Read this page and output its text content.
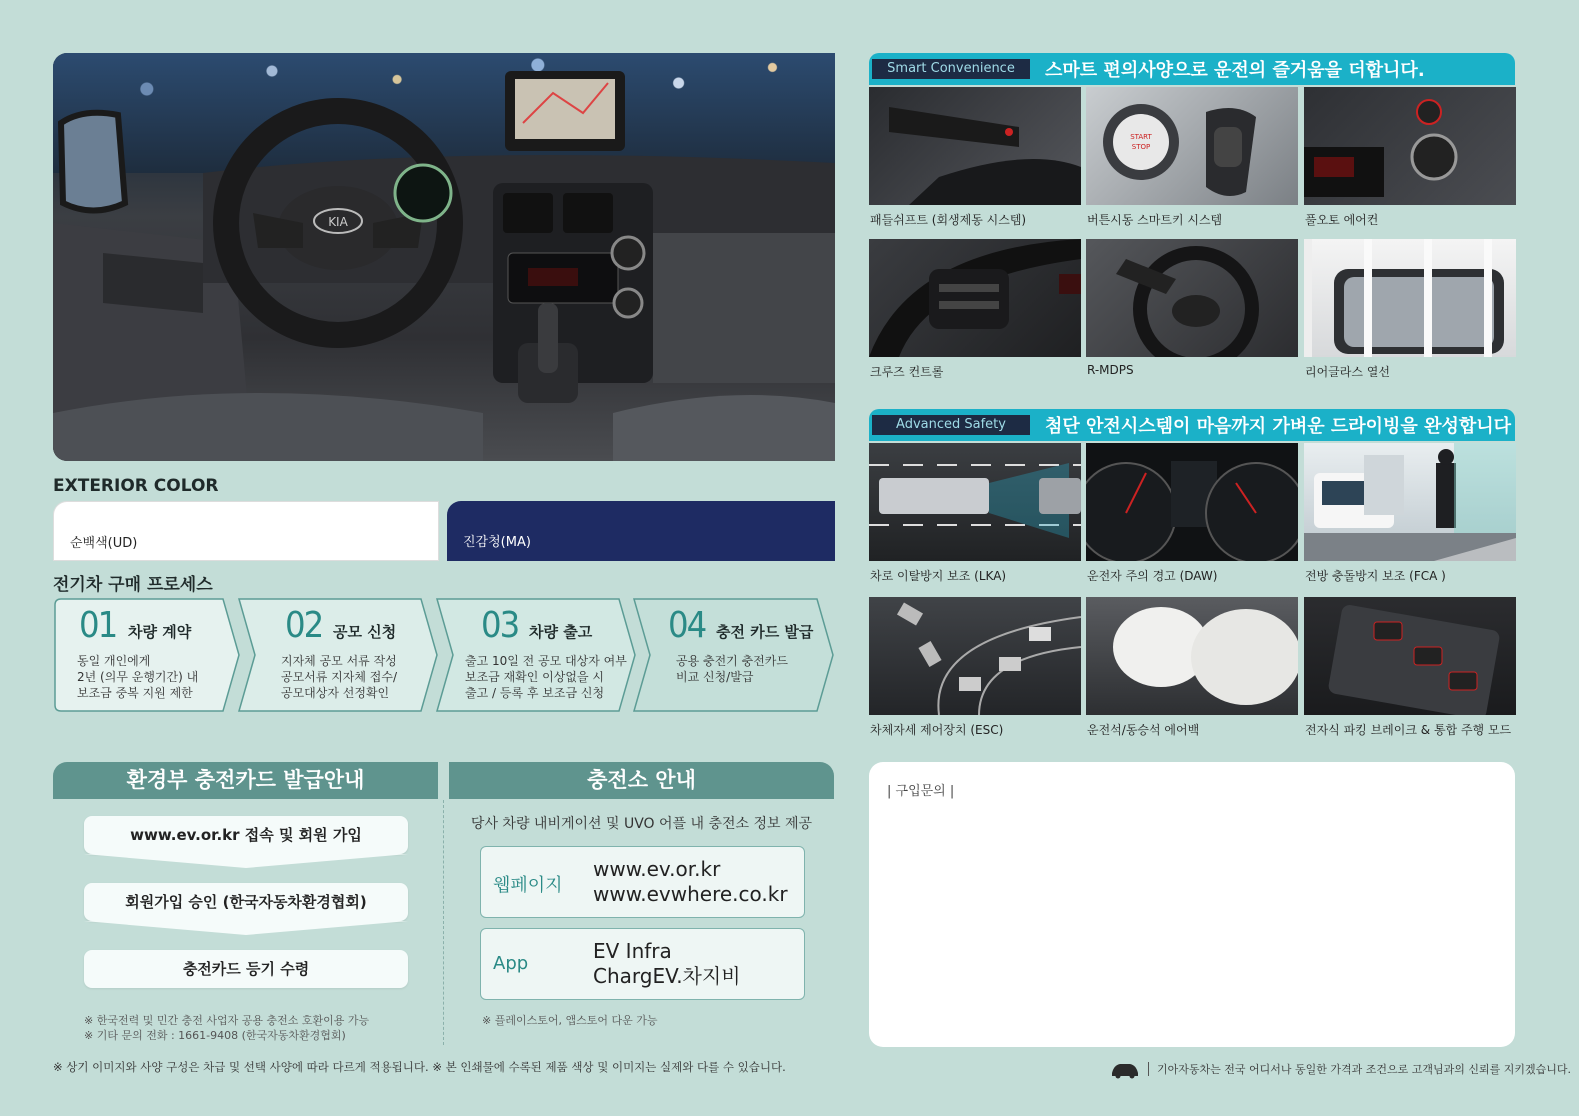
KIA
EXTERIOR COLOR
순백색(UD)	진감청(MA)
전기차 구매 프로세스
01 차량 계약
동일 개인에게
2년 (의무 운행기간) 내
보조금 중복 지원 제한
02 공모 신청
지자체 공모 서류 작성
공모서류 지자체 접수/
공모대상자 선정확인
03 차량 출고
출고 10일 전 공모 대상자 여부
보조금 재확인 이상없을 시
출고 / 등록 후 보조금 신청
04 충전 카드 발급
공용 충전기 충전카드
비교 신청/발급
환경부 충전카드 발급안내	충전소 안내
www.ev.or.kr 접속 및 회원 가입
회원가입 승인 (한국자동차환경협회)
충전카드 등기 수령
※ 한국전력 및 민간 충전 사업자 공용 충전소 호환이용 가능
※ 기타 문의 전화 : 1661-9408 (한국자동차환경협회)
당사 차량 내비게이션 및 UVO 어플 내 충전소 정보 제공
웹페이지
www.ev.or.kr
www.evwhere.co.kr
App
EV Infra
ChargEV.차지비
※ 플레이스토어, 앱스토어 다운 가능
※ 상기 이미지와 사양 구성은 차급 및 선택 사양에 따라 다르게 적용됩니다. ※ 본 인쇄물에 수록된 제품 색상 및 이미지는 실제와 다를 수 있습니다.	기아자동차는 전국 어디서나 동일한 가격과 조건으로 고객님과의 신뢰를 지키겠습니다.
Smart Convenience	스마트 편의사양으로 운전의 즐거움을 더합니다.
START
STOP
패들쉬프트 (회생제동 시스템)	버튼시동 스마트키 시스템	풀오토 에어컨
크루즈 컨트롤	R-MDPS	리어글라스 열선
Advanced Safety	첨단 안전시스템이 마음까지 가벼운 드라이빙을 완성합니다
차로 이탈방지 보조 (LKA)	운전자 주의 경고 (DAW)	전방 충돌방지 보조 (FCA )
차체자세 제어장치 (ESC)	운전석/동승석 에어백	전자식 파킹 브레이크 & 통합 주행 모드
| 구입문의 |
